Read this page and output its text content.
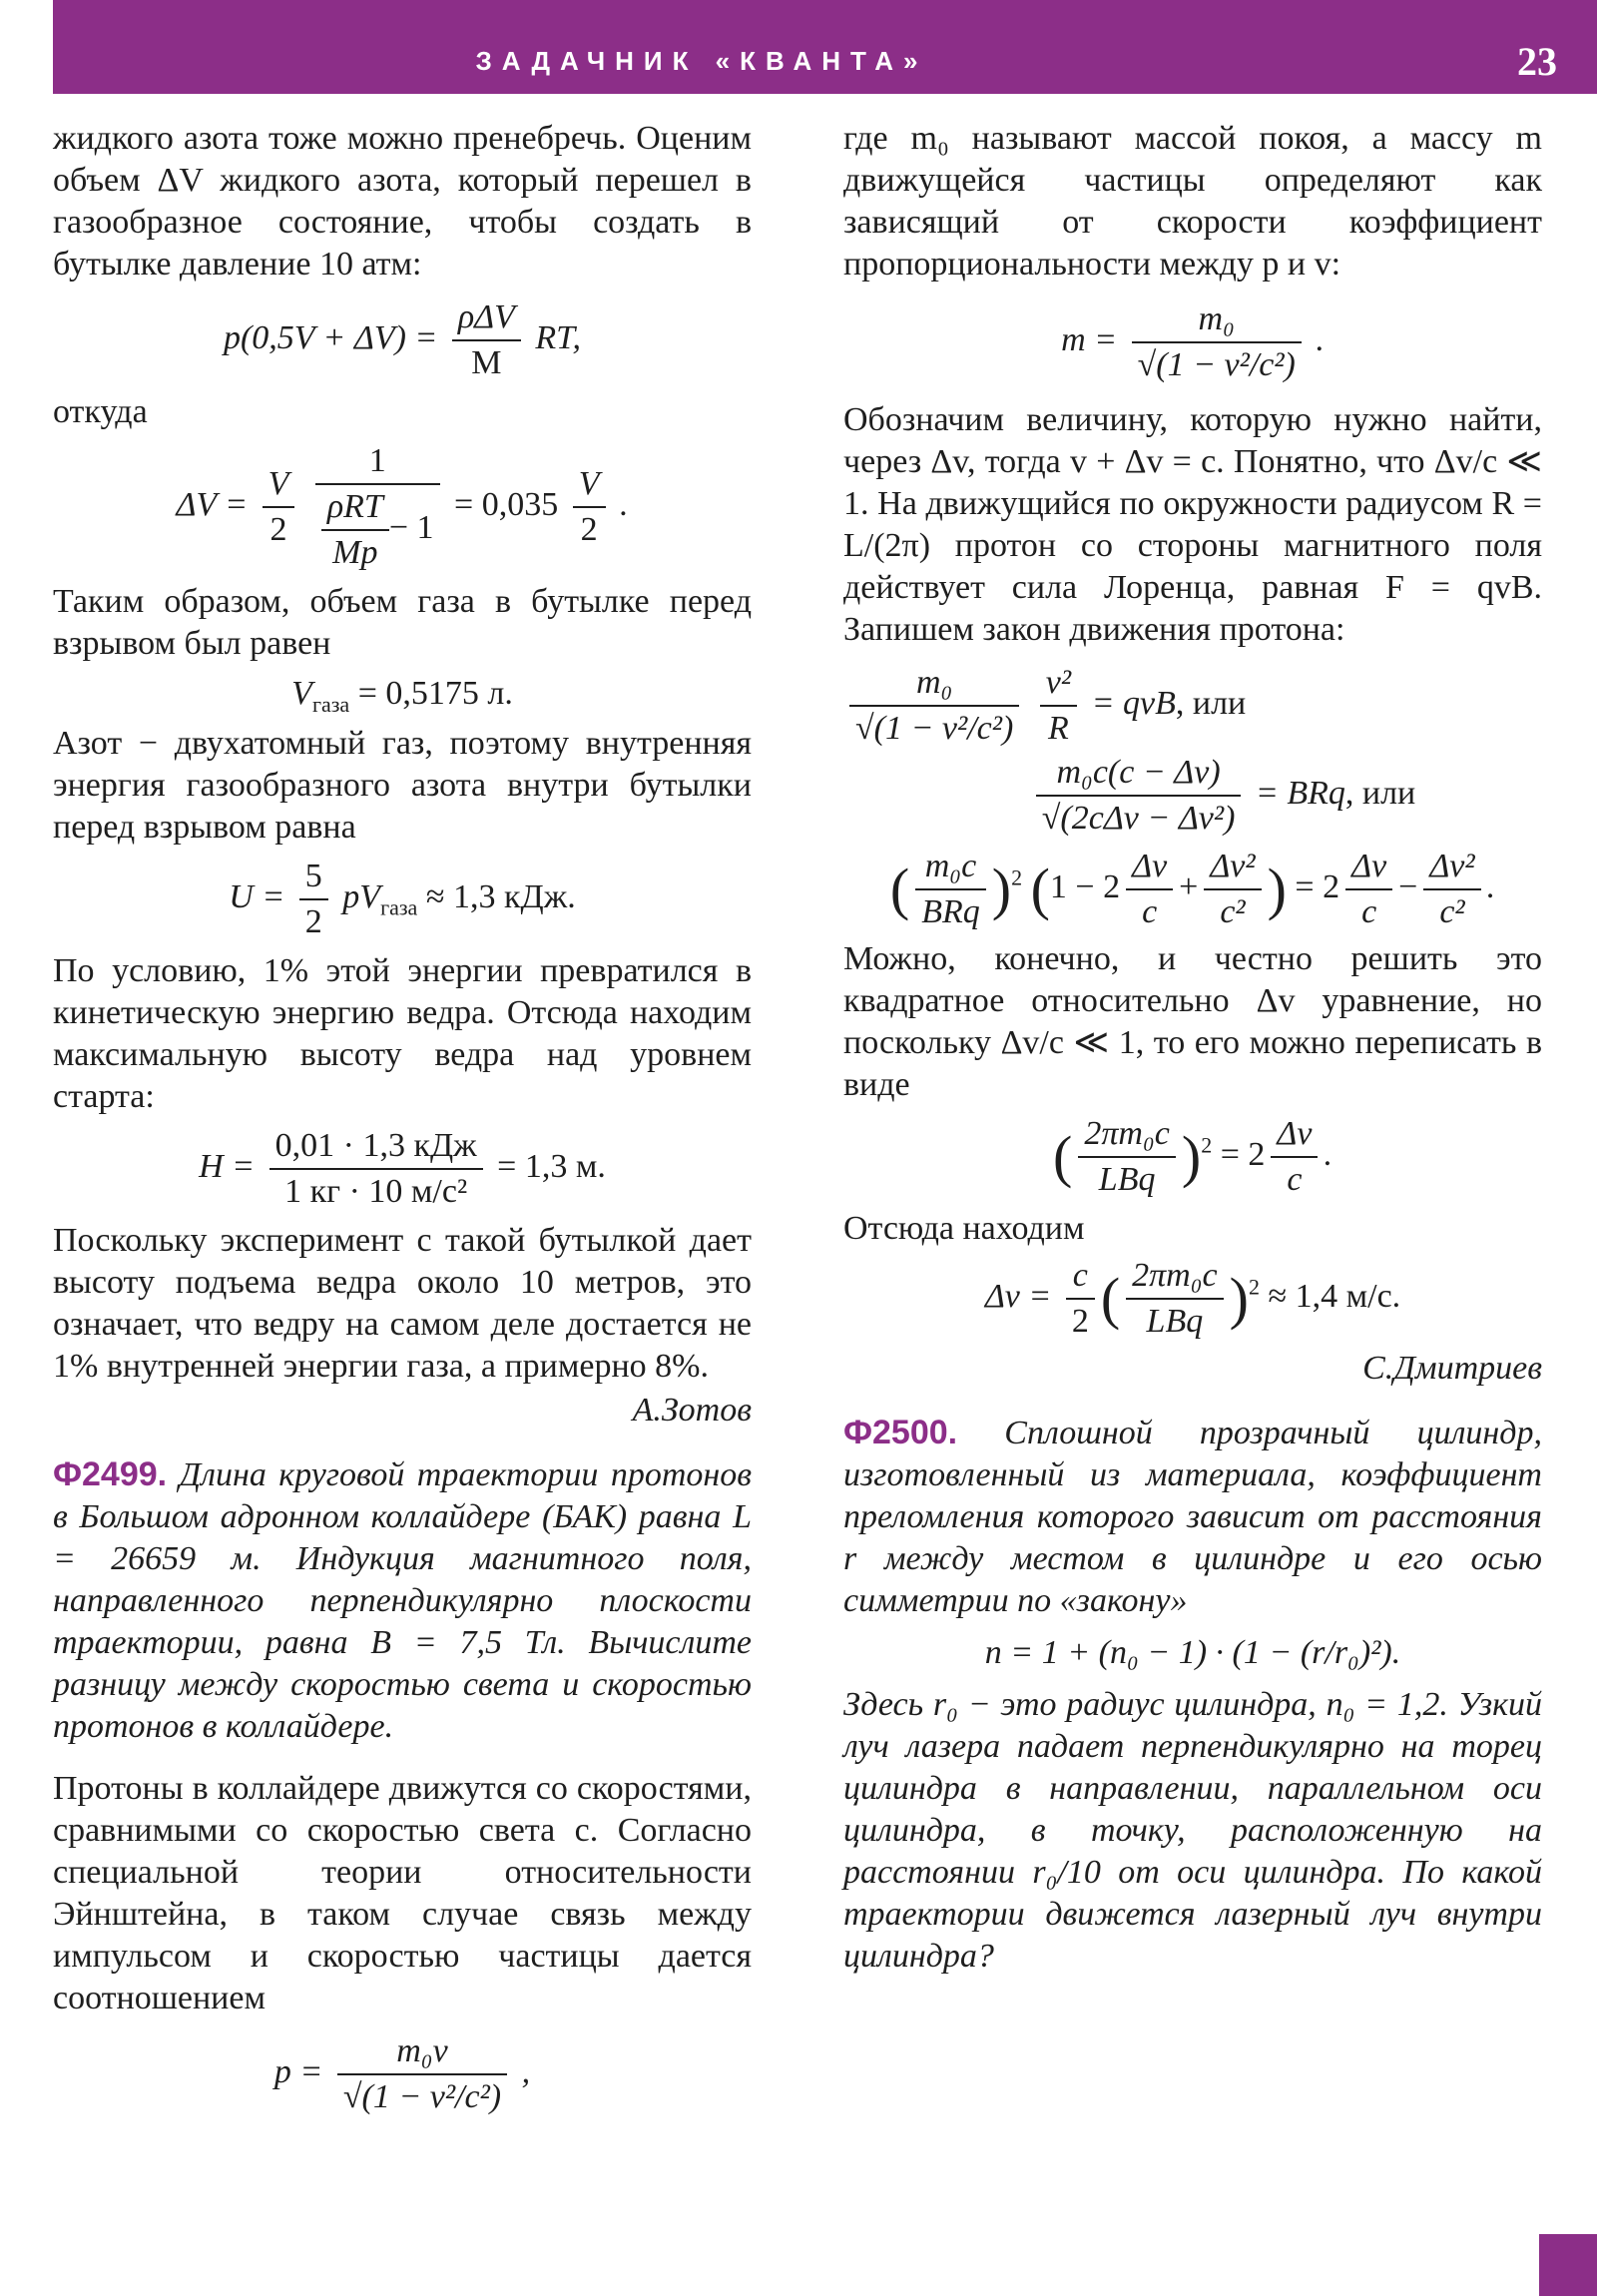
ЗАДАЧНИК «КВАНТА»	23

жидкого азота тоже можно пренебречь. Оценим объем ΔV жидкого азота, который перешел в газообразное состояние, чтобы создать в бутылке давление 10 атм:

$p(0,5V + \Delta V) = \frac{\text{ρΔV}}{M}$ RT,

откуда

$\Delta V = \frac{V}{2}$
$\frac{1}{\frac{\text{ρRT}}{Mp} - 1} = 0,035 \frac{V}{2}$ .

Таким образом, объем газа в бутылке перед взрывом был равен

$V_{газа} = 0,5175$ л.

Азот − двухатомный газ, поэтому внутренняя энергия газообразного азота внутри бутылки перед взрывом равна

$U = \frac{5}{2} pV_{газа} \approx 1,3$ кДж.

По условию, 1% этой энергии превратился в кинетическую энергию ведра. Отсюда находим максимальную высоту ведра над уровнем старта:

$H = \frac{\text{0,01 · 1,3 кДж}}{\text{1 кг · 10 м/c²}} = 1,3$ м.

Поскольку эксперимент с такой бутылкой дает высоту подъема ведра около 10 метров, это означает, что ведру на самом деле достается не 1% внутренней энергии газа, а примерно 8%.

А.Зотов

Ф2499. Длина круговой траектории протонов в Большом адронном коллайдере (БАК) равна L = 26659 м. Индукция магнитного поля, направленного перпендикулярно плоскости траектории, равна B = 7,5 Тл. Вычислите разницу между скоростью света и скоростью протонов в коллайдере.

Протоны в коллайдере движутся со скоростями, сравнимыми со скоростью света c. Согласно специальной теории относительности Эйнштейна, в таком случае связь между импульсом и скоростью частицы дается соотношением

$p = \frac{\text{m₀v}}{\text{√(1 − v²/c²)}}$ ,

где m₀ называют массой покоя, а массу m движущейся частицы определяют как зависящий от скорости коэффициент пропорциональности между p и v:

$m = \frac{\text{m₀}}{\text{√(1 − v²/c²)}}$ .

Обозначим величину, которую нужно найти, через Δv, тогда v + Δv = c. Понятно, что Δv/c ≪ 1. На движущийся по окружности радиусом R = L/(2π) протон со стороны магнитного поля действует сила Лоренца, равная F = qvB. Запишем закон движения протона:

$\frac{\text{m₀}}{\text{√(1 − v²/c²)}}$
$\frac{\text{v²}}{R}$ = qvB, или
$\frac{\text{m₀c(c − Δv)}}{\text{√(2cΔv − Δv²)}}$ = BRq, или
( $\frac{\text{m₀c}}{\text{BRq}} )^2$ ($1 - 2 \frac{\Delta v}{c} + \frac{\text{Δv²}}{\text{c²}}$ ) = $2 \frac{\Delta v}{c} - \frac{\text{Δv²}}{\text{c²}}$ .

Можно, конечно, и честно решить это квадратное относительно Δv уравнение, но поскольку Δv/c ≪ 1, то его можно переписать в виде

( $\frac{\text{2πm₀c}}{\text{LBq}} )^2 = 2 \frac{\Delta v}{c}$ .

Отсюда находим

$\Delta v = \frac{c}{2}$ ( $\frac{\text{2πm₀c}}{\text{LBq}} )^2 \approx 1,4$ м/с.
С.Дмитриев

Ф2500. Сплошной прозрачный цилиндр, изготовленный из материала, коэффициент преломления которого зависит от расстояния r между местом в цилиндре и его осью симметрии по «закону»

n = 1 + (n₀ − 1) · (1 − (r/r₀)²).

Здесь r₀ − это радиус цилиндра, n₀ = 1,2. Узкий луч лазера падает перпендикулярно на торец цилиндра в направлении, параллельном оси цилиндра, в точку, расположенную на расстоянии r₀/10 от оси цилиндра. По какой траектории движется лазерный луч внутри цилиндра?
